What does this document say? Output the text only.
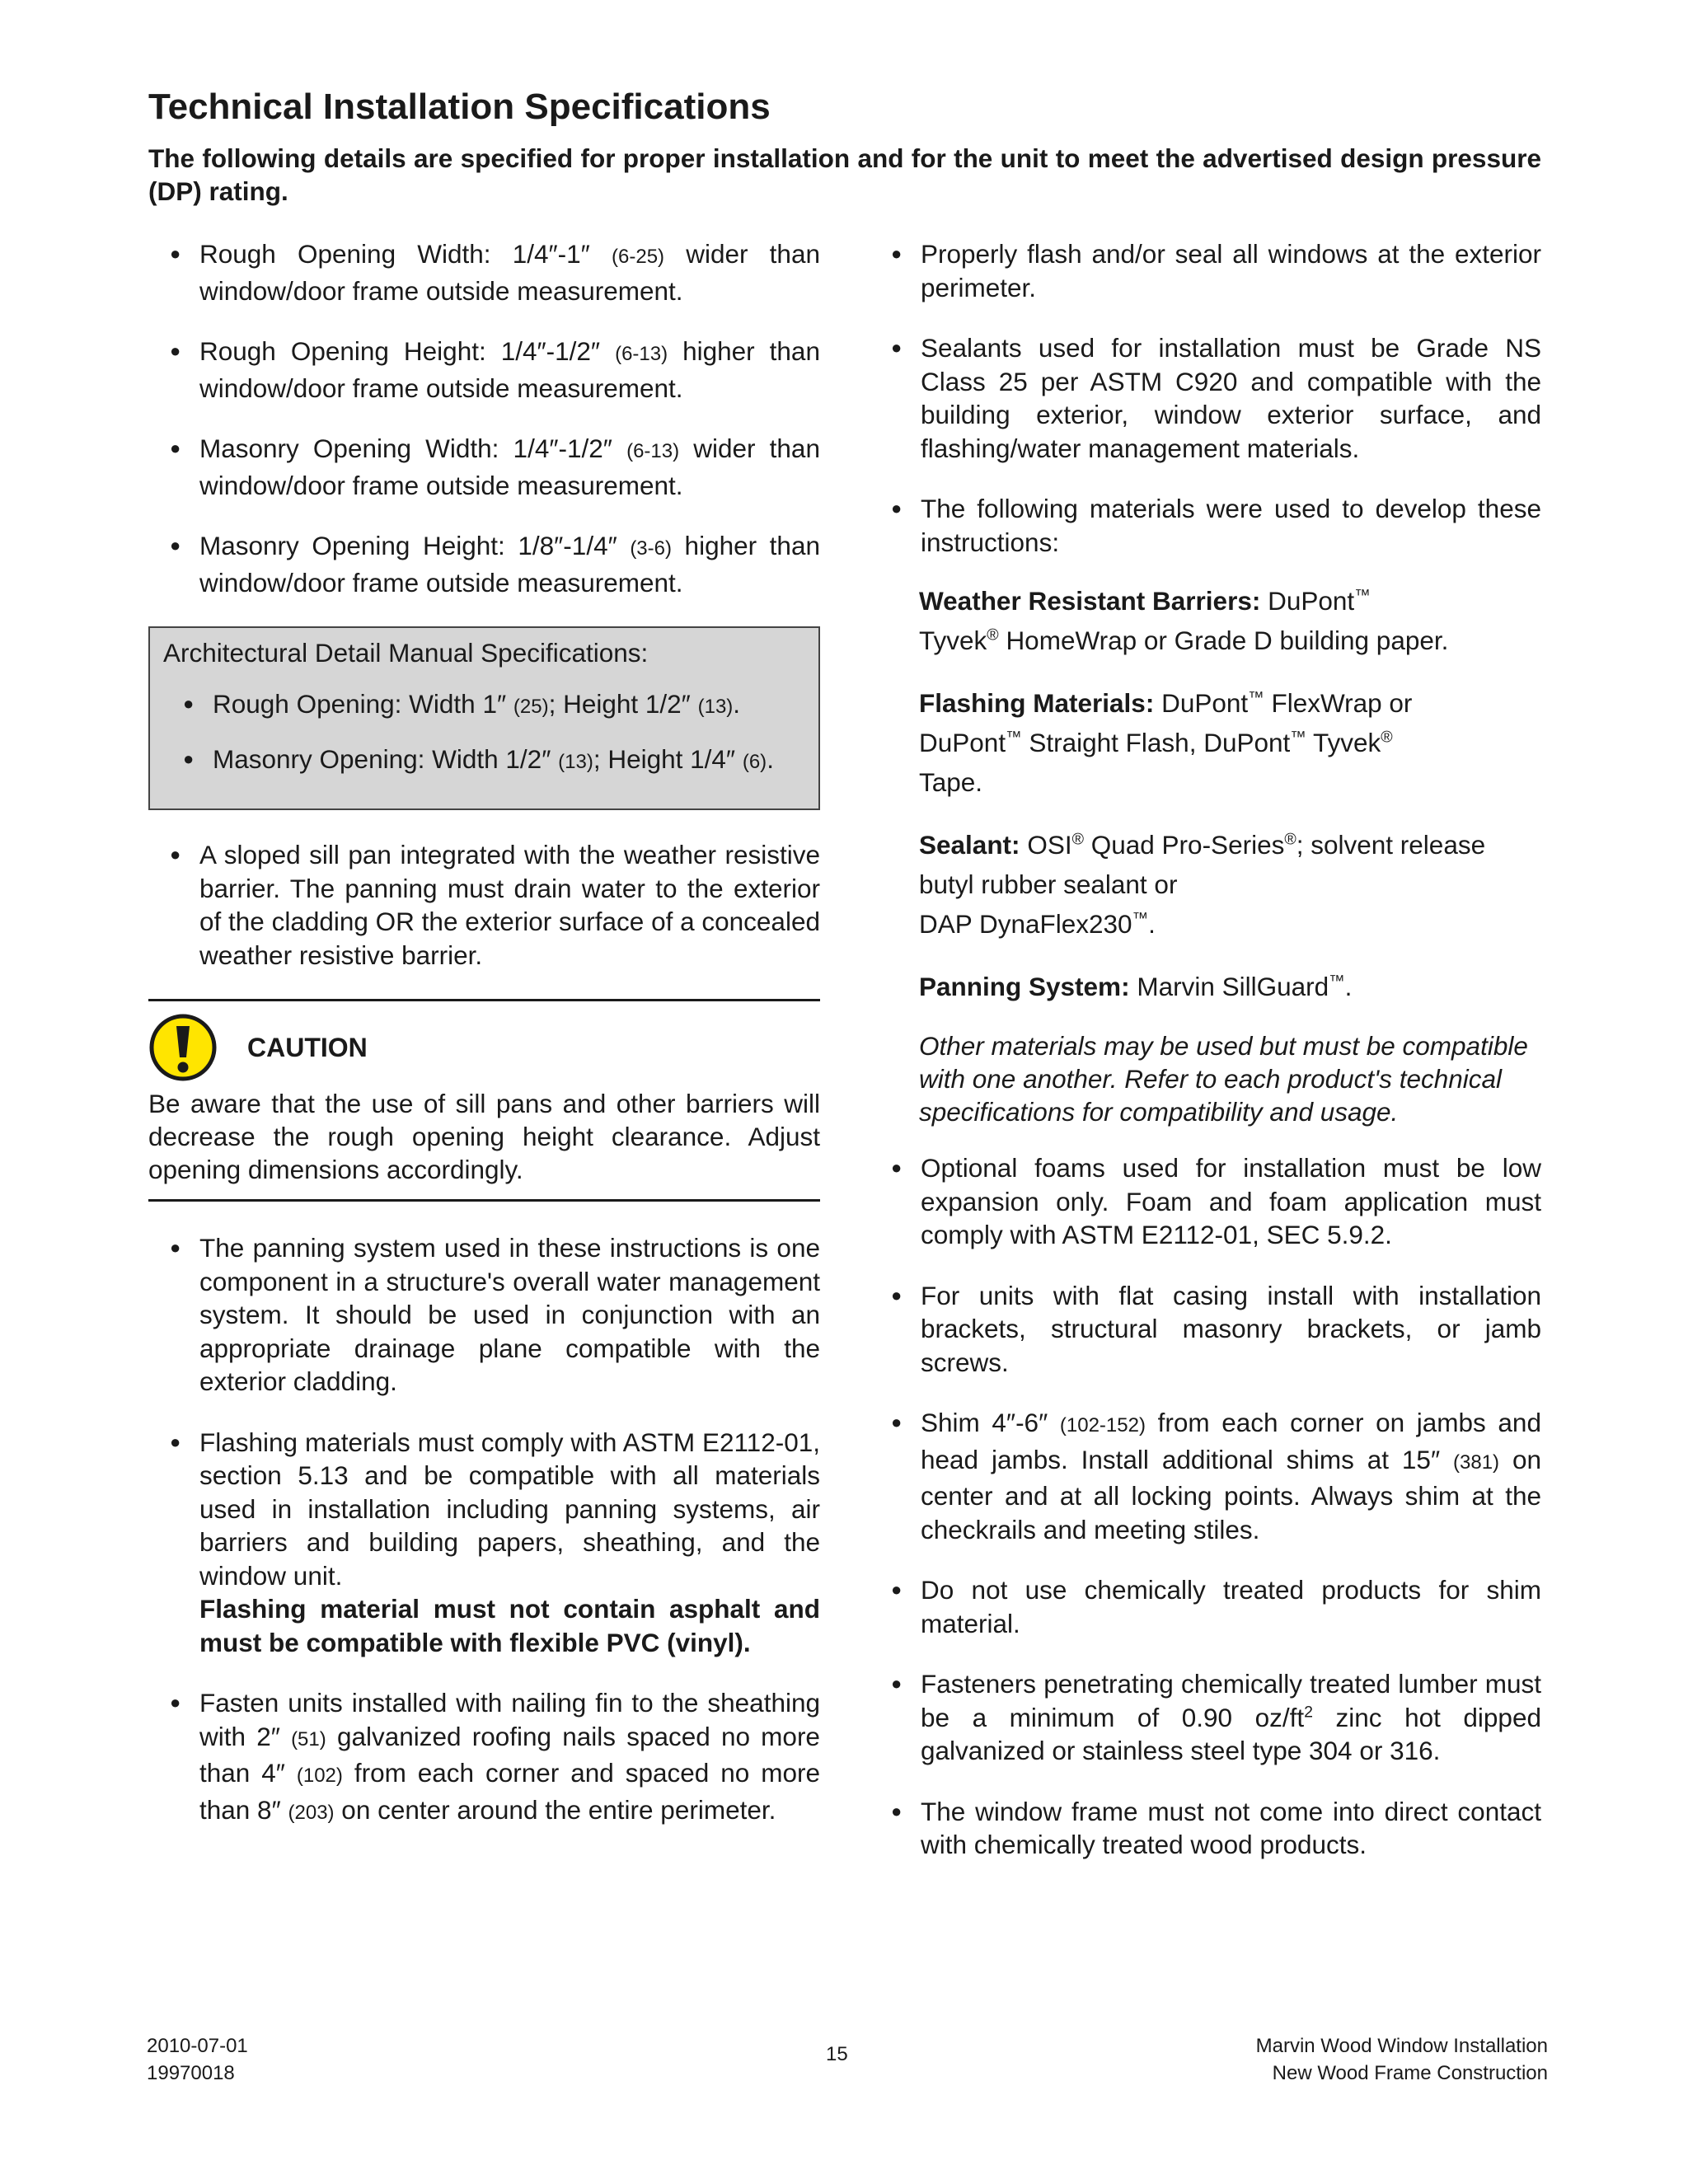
Technical Installation Specifications

The following details are specified for proper installation and for the unit to meet the advertised design pressure (DP) rating.

● Rough Opening Width: 1/4″-1″ (6-25) wider than window/door frame outside measurement.
● Rough Opening Height: 1/4″-1/2″ (6-13) higher than window/door frame outside measurement.
● Masonry Opening Width: 1/4″-1/2″ (6-13) wider than window/door frame outside measurement.
● Masonry Opening Height: 1/8″-1/4″ (3-6) higher than window/door frame outside measurement.
Architectural Detail Manual Specifications:
● Rough Opening: Width 1″ (25); Height 1/2″ (13).
● Masonry Opening: Width 1/2″ (13); Height 1/4″ (6).
● A sloped sill pan integrated with the weather resistive barrier. The panning must drain water to the exterior of the cladding OR the exterior surface of a concealed weather resistive barrier.
CAUTION
Be aware that the use of sill pans and other barriers will decrease the rough opening height clearance. Adjust opening dimensions accordingly.
● The panning system used in these instructions is one component in a structure's overall water management system. It should be used in conjunction with an appropriate drainage plane compatible with the exterior cladding.
● Flashing materials must comply with ASTM E2112-01, section 5.13 and be compatible with all materials used in installation including panning systems, air barriers and building papers, sheathing, and the window unit.
Flashing material must not contain asphalt and must be compatible with flexible PVC (vinyl).
● Fasten units installed with nailing fin to the sheathing with 2″ (51) galvanized roofing nails spaced no more than 4″ (102) from each corner and spaced no more than 8″ (203) on center around the entire perimeter.
● Properly flash and/or seal all windows at the exterior perimeter.
● Sealants used for installation must be Grade NS Class 25 per ASTM C920 and compatible with the building exterior, window exterior surface, and flashing/water management materials.
● The following materials were used to develop these instructions:

Weather Resistant Barriers: DuPont™
Tyvek® HomeWrap or Grade D building paper.

Flashing Materials: DuPont™ FlexWrap or
DuPont™ Straight Flash, DuPont™ Tyvek®
Tape.

Sealant: OSI® Quad Pro-Series®; solvent release butyl rubber sealant or
DAP DynaFlex230™.

Panning System: Marvin SillGuard™.

Other materials may be used but must be compatible with one another. Refer to each product's technical specifications for compatibility and usage.

● Optional foams used for installation must be low expansion only. Foam and foam application must comply with ASTM E2112-01, SEC 5.9.2.
● For units with flat casing install with installation brackets, structural masonry brackets, or jamb screws.
● Shim 4″-6″ (102-152) from each corner on jambs and head jambs. Install additional shims at 15″ (381) on center and at all locking points. Always shim at the checkrails and meeting stiles.
● Do not use chemically treated products for shim material.
● Fasteners penetrating chemically treated lumber must be a minimum of 0.90 $oz/ft^2$ zinc hot dipped galvanized or stainless steel type 304 or 316.
● The window frame must not come into direct contact with chemically treated wood products.
2010-07-01
19970018
15	Marvin Wood Window Installation
New Wood Frame Construction
